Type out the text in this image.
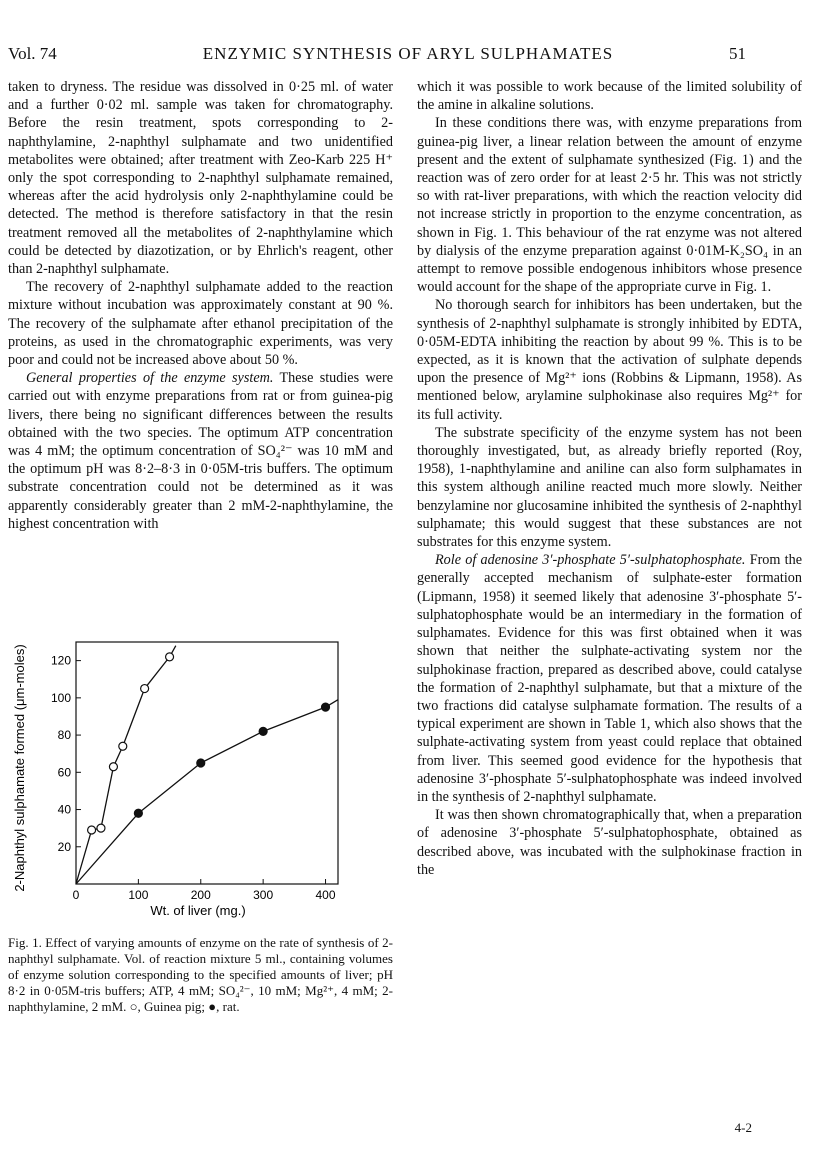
Vol. 74	ENZYMIC SYNTHESIS OF ARYL SULPHAMATES	51

taken to dryness. The residue was dissolved in 0·25 ml. of water and a further 0·02 ml. sample was taken for chromatography. Before the resin treatment, spots corresponding to 2-naphthylamine, 2-naphthyl sulphamate and two unidentified metabolites were obtained; after treatment with Zeo-Karb 225 H⁺ only the spot corresponding to 2-naphthyl sulphamate remained, whereas after the acid hydrolysis only 2-naphthylamine could be detected. The method is therefore satisfactory in that the resin treatment removed all the metabolites of 2-naphthylamine which could be detected by diazotization, or by Ehrlich's reagent, other than 2-naphthyl sulphamate.

The recovery of 2-naphthyl sulphamate added to the reaction mixture without incubation was approximately constant at 90 %. The recovery of the sulphamate after ethanol precipitation of the proteins, as used in the chromatographic experiments, was very poor and could not be increased above about 50 %.

General properties of the enzyme system. These studies were carried out with enzyme preparations from rat or from guinea-pig livers, there being no significant differences between the results obtained with the two species. The optimum ATP concentration was 4 mM; the optimum concentration of SO₄²⁻ was 10 mM and the optimum pH was 8·2–8·3 in 0·05M-tris buffers. The optimum substrate concentration could not be determined as it was apparently considerably greater than 2 mM-2-naphthylamine, the highest concentration with

0	100	200	300	400
20
40
60
80
100
120
Wt. of liver (mg.)
2-Naphthyl sulphamate formed (μm-moles)
Fig. 1. Effect of varying amounts of enzyme on the rate of synthesis of 2-naphthyl sulphamate. Vol. of reaction mixture 5 ml., containing volumes of enzyme solution corresponding to the specified amounts of liver; pH 8·2 in 0·05M-tris buffers; ATP, 4 mM; SO₄²⁻, 10 mM; Mg²⁺, 4 mM; 2-naphthylamine, 2 mM. ○, Guinea pig; ●, rat.

which it was possible to work because of the limited solubility of the amine in alkaline solutions.

In these conditions there was, with enzyme preparations from guinea-pig liver, a linear relation between the amount of enzyme present and the extent of sulphamate synthesized (Fig. 1) and the reaction was of zero order for at least 2·5 hr. This was not strictly so with rat-liver preparations, with which the reaction velocity did not increase strictly in proportion to the enzyme concentration, as shown in Fig. 1. This behaviour of the rat enzyme was not altered by dialysis of the enzyme preparation against 0·01M-K₂SO₄ in an attempt to remove possible endogenous inhibitors whose presence would account for the shape of the appropriate curve in Fig. 1.

No thorough search for inhibitors has been undertaken, but the synthesis of 2-naphthyl sulphamate is strongly inhibited by EDTA, 0·05M-EDTA inhibiting the reaction by about 99 %. This is to be expected, as it is known that the activation of sulphate depends upon the presence of Mg²⁺ ions (Robbins & Lipmann, 1958). As mentioned below, arylamine sulphokinase also requires Mg²⁺ for its full activity.

The substrate specificity of the enzyme system has not been thoroughly investigated, but, as already briefly reported (Roy, 1958), 1-naphthylamine and aniline can also form sulphamates in this system although aniline reacted much more slowly. Neither benzylamine nor glucosamine inhibited the synthesis of 2-naphthyl sulphamate; this would suggest that these substances are not substrates for this enzyme system.

Role of adenosine 3′-phosphate 5′-sulphatophosphate. From the generally accepted mechanism of sulphate-ester formation (Lipmann, 1958) it seemed likely that adenosine 3′-phosphate 5′-sulphatophosphate would be an intermediary in the formation of sulphamates. Evidence for this was first obtained when it was shown that neither the sulphate-activating system nor the sulphokinase fraction, prepared as described above, could catalyse the formation of 2-naphthyl sulphamate, but that a mixture of the two fractions did catalyse sulphamate formation. The results of a typical experiment are shown in Table 1, which also shows that the sulphate-activating system from yeast could replace that obtained from liver. This seemed good evidence for the hypothesis that adenosine 3′-phosphate 5′-sulphatophosphate was indeed involved in the synthesis of 2-naphthyl sulphamate.

It was then shown chromatographically that, when a preparation of adenosine 3′-phosphate 5′-sulphatophosphate, obtained as described above, was incubated with the sulphokinase fraction in the

4-2
